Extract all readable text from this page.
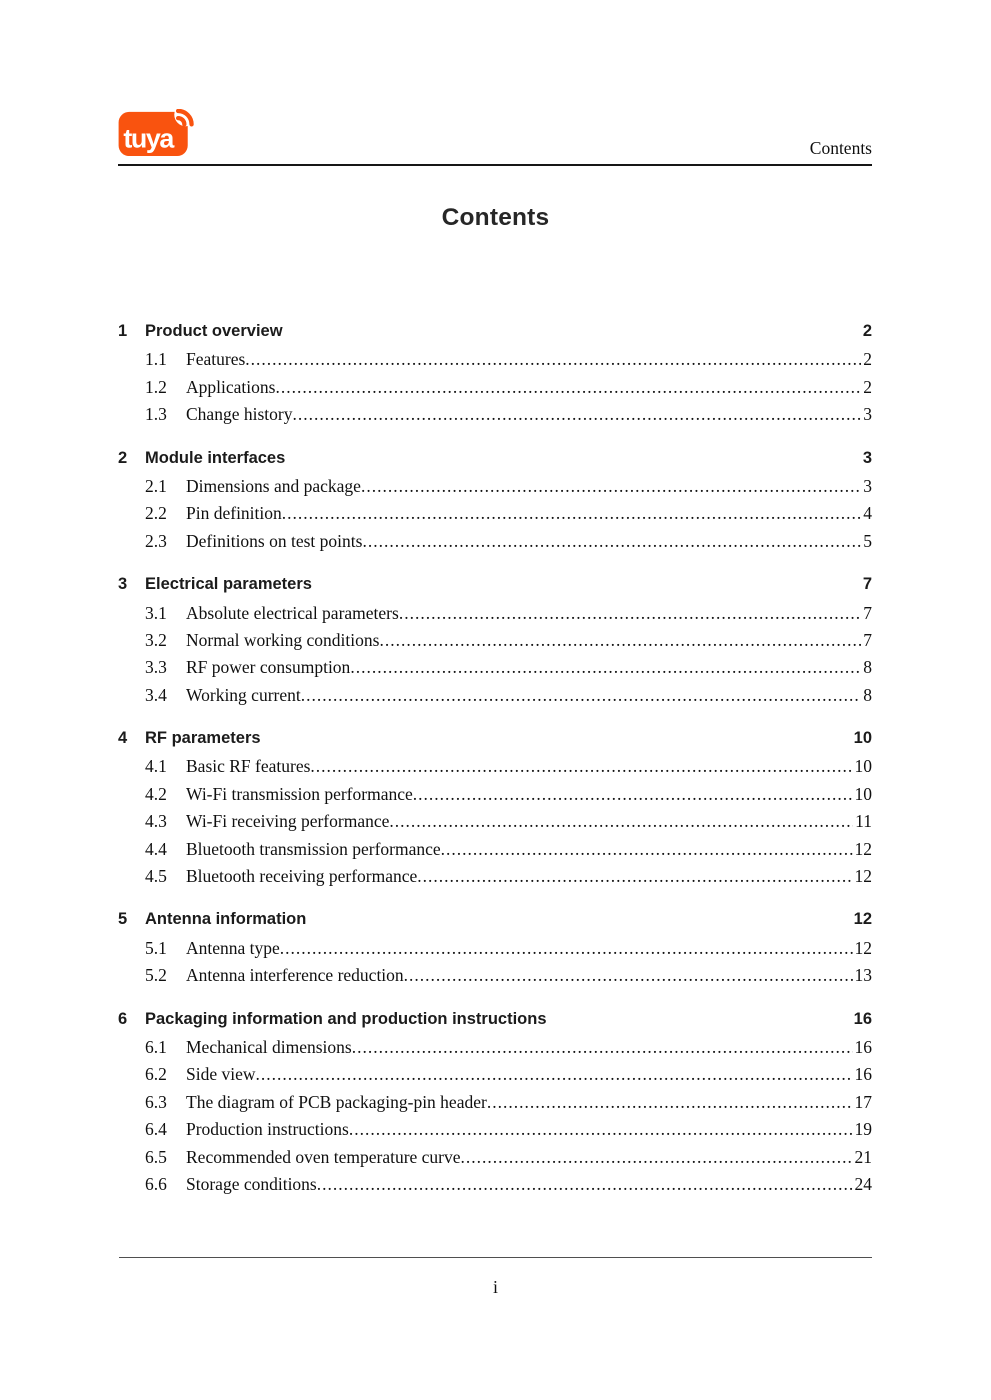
tuya	Contents
Contents
1	Product overview	2
1.1	Features .....	2
1.2	Applications .....	2
1.3	Change history .....	3
2	Module interfaces	3
2.1	Dimensions and package .....	3
2.2	Pin definition .....	4
2.3	Definitions on test points .....	5
3	Electrical parameters	7
3.1	Absolute electrical parameters .....	7
3.2	Normal working conditions .....	7
3.3	RF power consumption .....	8
3.4	Working current .....	8
4	RF parameters	10
4.1	Basic RF features .....	10
4.2	Wi-Fi transmission performance .....	10
4.3	Wi-Fi receiving performance .....	11
4.4	Bluetooth transmission performance .....	12
4.5	Bluetooth receiving performance .....	12
5	Antenna information	12
5.1	Antenna type .....	12
5.2	Antenna interference reduction .....	13
6	Packaging information and production instructions	16
6.1	Mechanical dimensions .....	16
6.2	Side view .....	16
6.3	The diagram of PCB packaging-pin header .....	17
6.4	Production instructions .....	19
6.5	Recommended oven temperature curve .....	21
6.6	Storage conditions .....	24
i
